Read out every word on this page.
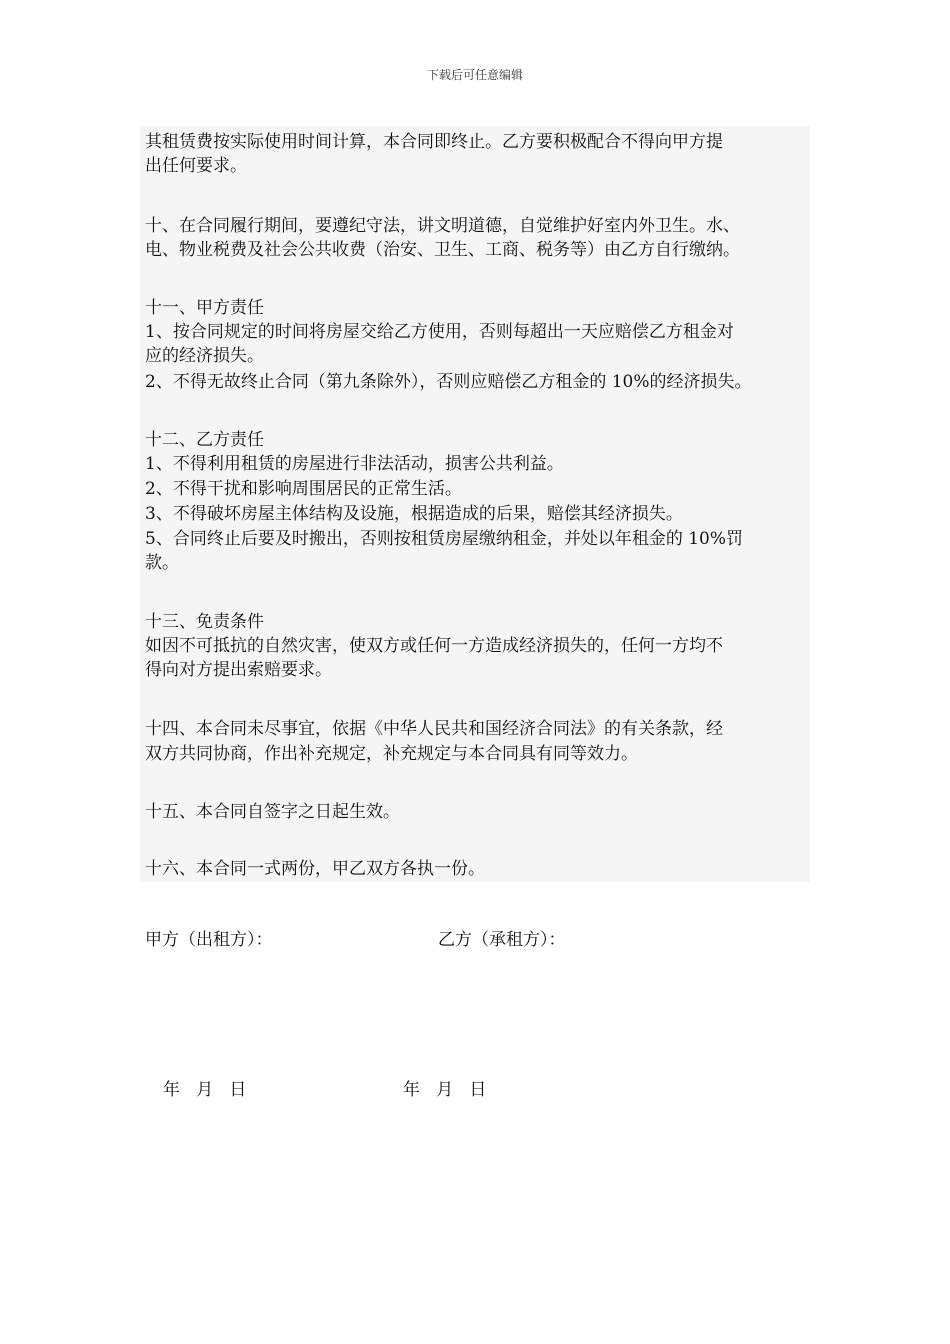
下载后可任意编辑
其租赁费按实际使用时间计算，本合同即终止。乙方要积极配合不得向甲方提
出任何要求。
十、在合同履行期间，要遵纪守法，讲文明道德，自觉维护好室内外卫生。水、
电、物业税费及社会公共收费（治安、卫生、工商、税务等）由乙方自行缴纳。
十一、甲方责任
1、按合同规定的时间将房屋交给乙方使用，否则每超出一天应赔偿乙方租金对
应的经济损失。
2、不得无故终止合同（第九条除外），否则应赔偿乙方租金的 10%的经济损失。
十二、乙方责任
1、不得利用租赁的房屋进行非法活动，损害公共利益。
2、不得干扰和影响周围居民的正常生活。
3、不得破坏房屋主体结构及设施，根据造成的后果，赔偿其经济损失。
5、合同终止后要及时搬出，否则按租赁房屋缴纳租金，并处以年租金的 10%罚
款。
十三、免责条件
如因不可抵抗的自然灾害，使双方或任何一方造成经济损失的，任何一方均不
得向对方提出索赔要求。
十四、本合同未尽事宜，依据《中华人民共和国经济合同法》的有关条款，经
双方共同协商，作出补充规定，补充规定与本合同具有同等效力。
十五、本合同自签字之日起生效。
十六、本合同一式两份，甲乙双方各执一份。
甲方（出租方）：	乙方（承租方）：
年   月   日	年   月   日
